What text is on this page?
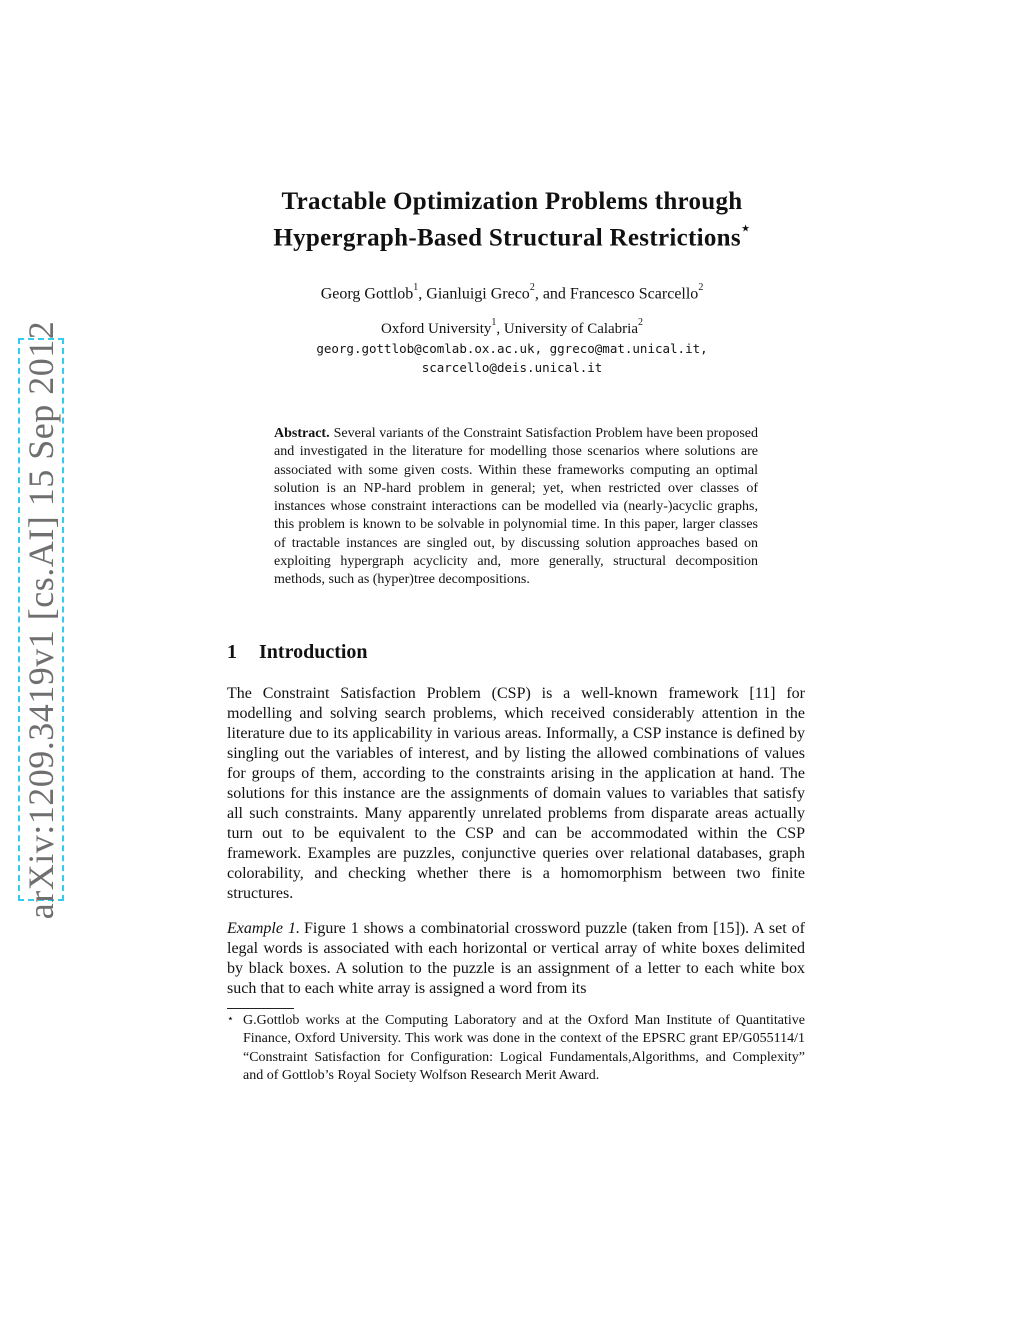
arXiv:1209.3419v1 [cs.AI] 15 Sep 2012
Tractable Optimization Problems through
Hypergraph-Based Structural Restrictions⋆
Georg Gottlob$^1$, Gianluigi Greco$^2$, and Francesco Scarcello$^2$
Oxford University$^1$, University of Calabria$^2$
georg.gottlob@comlab.ox.ac.uk, ggreco@mat.unical.it,
scarcello@deis.unical.it
Abstract. Several variants of the Constraint Satisfaction Problem have been proposed and investigated in the literature for modelling those scenarios where solutions are associated with some given costs. Within these frameworks computing an optimal solution is an NP-hard problem in general; yet, when restricted over classes of instances whose constraint interactions can be modelled via (nearly-)acyclic graphs, this problem is known to be solvable in polynomial time. In this paper, larger classes of tractable instances are singled out, by discussing solution approaches based on exploiting hypergraph acyclicity and, more generally, structural decomposition methods, such as (hyper)tree decompositions.
1 Introduction
The Constraint Satisfaction Problem (CSP) is a well-known framework [11] for modelling and solving search problems, which received considerably attention in the literature due to its applicability in various areas. Informally, a CSP instance is defined by singling out the variables of interest, and by listing the allowed combinations of values for groups of them, according to the constraints arising in the application at hand. The solutions for this instance are the assignments of domain values to variables that satisfy all such constraints. Many apparently unrelated problems from disparate areas actually turn out to be equivalent to the CSP and can be accommodated within the CSP framework. Examples are puzzles, conjunctive queries over relational databases, graph colorability, and checking whether there is a homomorphism between two finite structures.
Example 1. Figure 1 shows a combinatorial crossword puzzle (taken from [15]). A set of legal words is associated with each horizontal or vertical array of white boxes delimited by black boxes. A solution to the puzzle is an assignment of a letter to each white box such that to each white array is assigned a word from its
⋆ G.Gottlob works at the Computing Laboratory and at the Oxford Man Institute of Quantitative Finance, Oxford University. This work was done in the context of the EPSRC grant EP/G055114/1 “Constraint Satisfaction for Configuration: Logical Fundamentals,Algorithms, and Complexity” and of Gottlob’s Royal Society Wolfson Research Merit Award.
